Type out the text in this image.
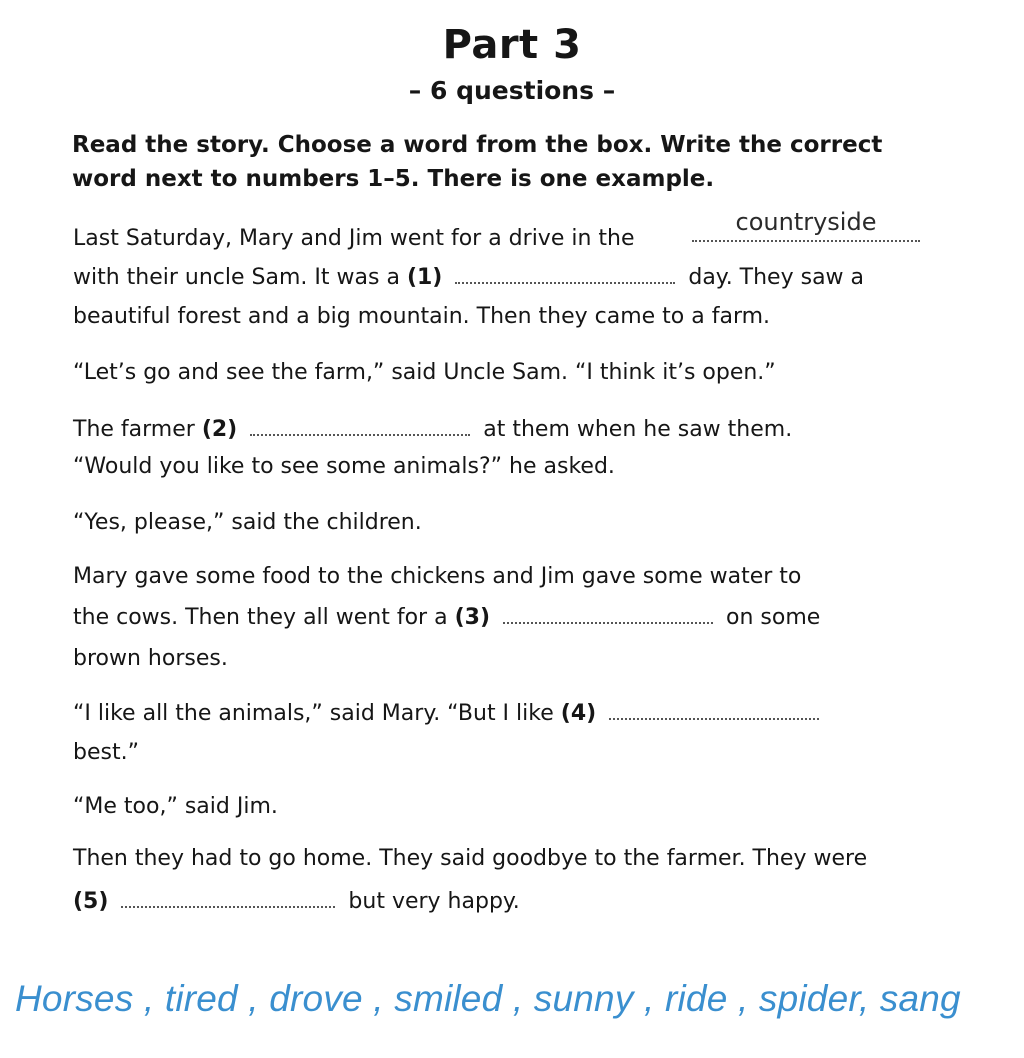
Part 3
– 6 questions –
Read the story. Choose a word from the box. Write the correct
word next to numbers 1–5. There is one example.
Last Saturday, Mary and Jim went for a drive in the
countryside
with their uncle Sam. It was a (1)	day. They saw a
beautiful forest and a big mountain. Then they came to a farm.
“Let’s go and see the farm,” said Uncle Sam. “I think it’s open.”
The farmer (2)	at them when he saw them.
“Would you like to see some animals?” he asked.
“Yes, please,” said the children.
Mary gave some food to the chickens and Jim gave some water to
the cows. Then they all went for a (3)	on some
brown horses.
“I like all the animals,” said Mary. “But I like (4)
best.”
“Me too,” said Jim.
Then they had to go home. They said goodbye to the farmer. They were
(5)	but very happy.
Horses , tired , drove , smiled , sunny , ride , spider, sang
